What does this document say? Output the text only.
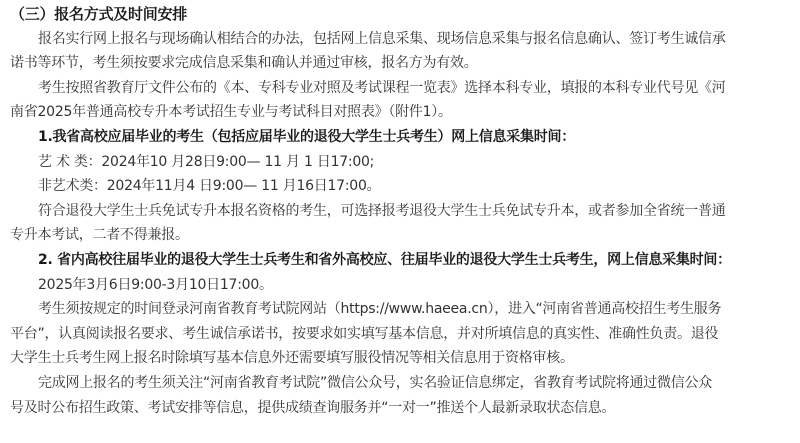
（三）报名方式及时间安排
报名实行网上报名与现场确认相结合的办法，包括网上信息采集、现场信息采集与报名信息确认、签订考生诚信承
诺书等环节，考生须按要求完成信息采集和确认并通过审核，报名方为有效。
考生按照省教育厅文件公布的《本、专科专业对照及考试课程一览表》选择本科专业，填报的本科专业代号见《河
南省2025年普通高校专升本考试招生专业与考试科目对照表》（附件1）。
1.我省高校应届毕业的考生（包括应届毕业的退役大学生士兵考生）网上信息采集时间：
艺 术 类：2024年10 月28日9:00— 11 月 1 日17:00;
非艺术类：2024年11月4 日9:00— 11 月16日17:00。
符合退役大学生士兵免试专升本报名资格的考生，可选择报考退役大学生士兵免试专升本，或者参加全省统一普通
专升本考试，二者不得兼报。
2. 省内高校往届毕业的退役大学生士兵考生和省外高校应、往届毕业的退役大学生士兵考生，网上信息采集时间：
2025年3月6日9:00-3月10日17:00。
考生须按规定的时间登录河南省教育考试院网站（https://www.haeea.cn），进入“河南省普通高校招生考生服务
平台”，认真阅读报名要求、考生诚信承诺书，按要求如实填写基本信息，并对所填信息的真实性、准确性负责。退役
大学生士兵考生网上报名时除填写基本信息外还需要填写服役情况等相关信息用于资格审核。
完成网上报名的考生须关注“河南省教育考试院”微信公众号，实名验证信息绑定，省教育考试院将通过微信公众
号及时公布招生政策、考试安排等信息，提供成绩查询服务并“一对一”推送个人最新录取状态信息。
